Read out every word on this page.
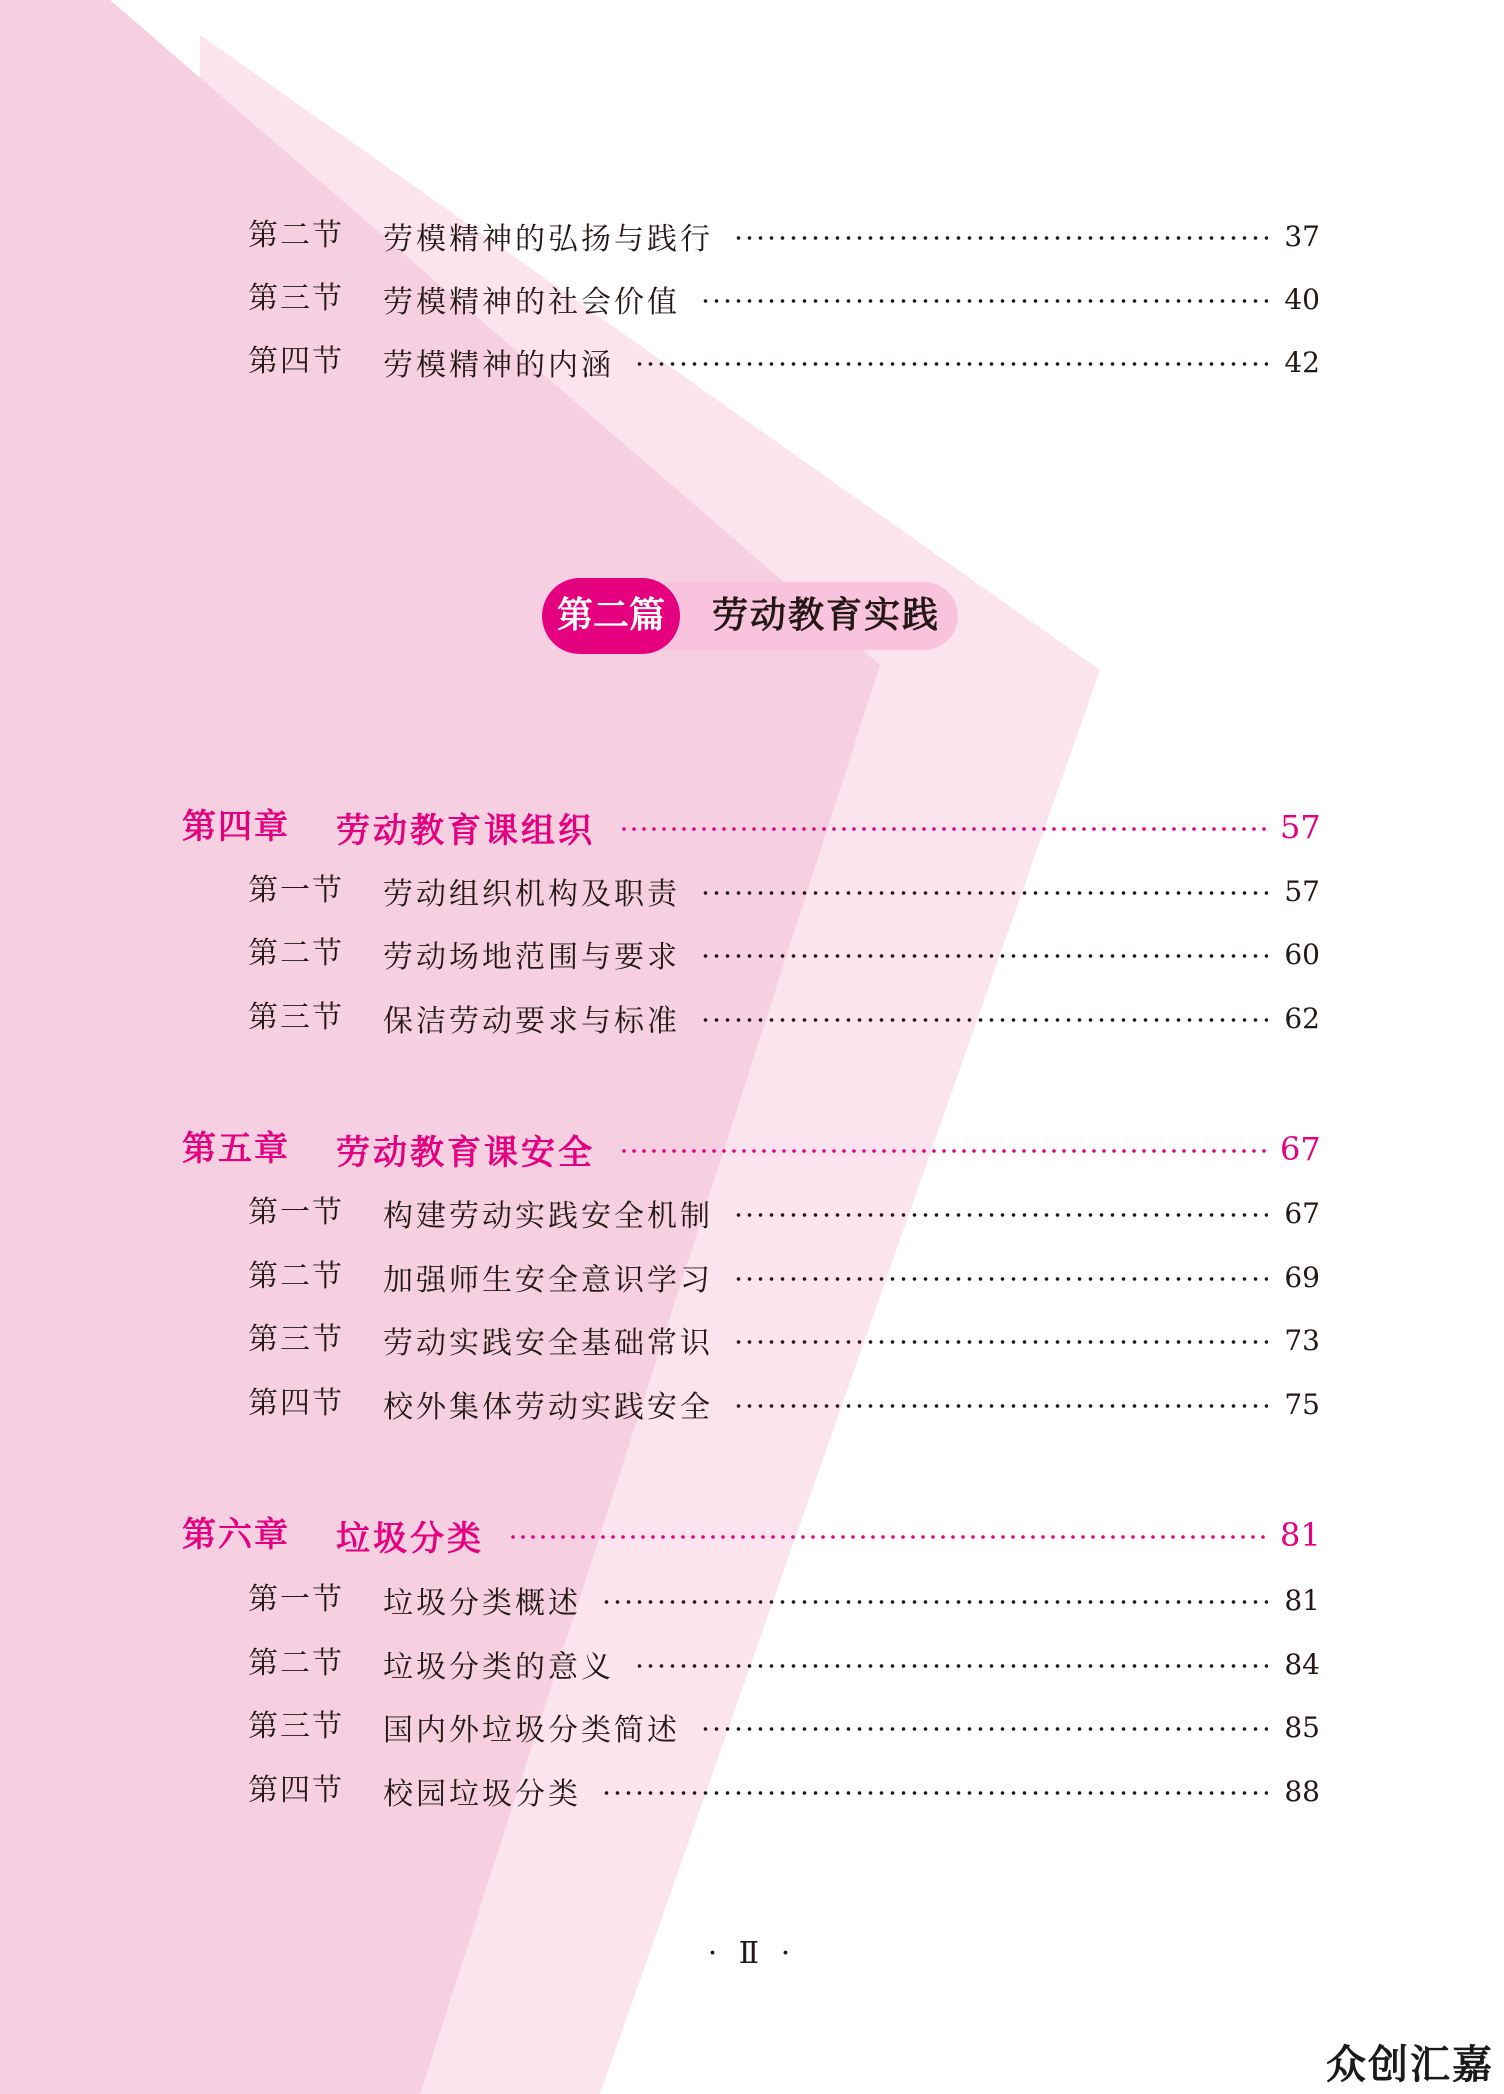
第二节 劳模精神的弘扬与践行	37
第三节 劳模精神的社会价值	40
第四节 劳模精神的内涵	42
第二篇	劳动教育实践
第四章 劳动教育课组织	57
第一节 劳动组织机构及职责	57
第二节 劳动场地范围与要求	60
第三节 保洁劳动要求与标准	62
第五章 劳动教育课安全	67
第一节 构建劳动实践安全机制	67
第二节 加强师生安全意识学习	69
第三节 劳动实践安全基础常识	73
第四节 校外集体劳动实践安全	75
第六章 垃圾分类	81
第一节 垃圾分类概述	81
第二节 垃圾分类的意义	84
第三节 国内外垃圾分类简述	85
第四节 校园垃圾分类	88
· Ⅱ ·
众创汇嘉
